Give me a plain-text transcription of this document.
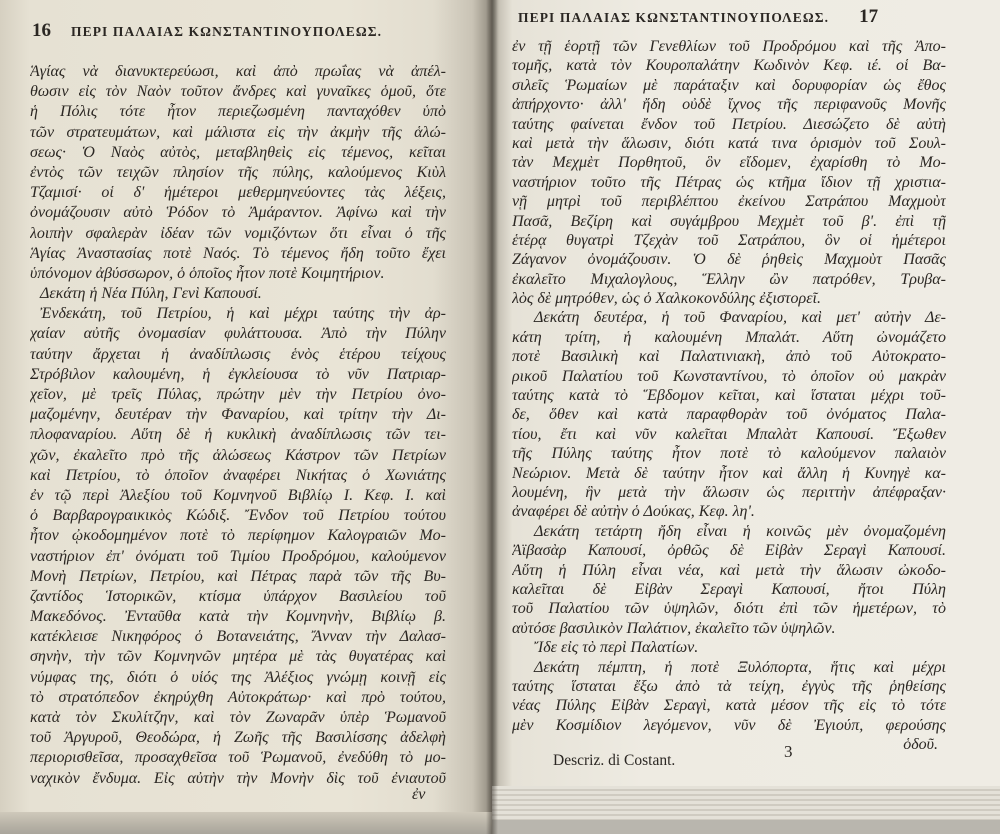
16 ΠΕΡΙ ΠΑΛΑΙΑΣ ΚΩΝΣΤΑΝΤΙΝΟΥΠΟΛΕΩΣ.
Ἁγίας νὰ διανυκτερεύωσι, καὶ ἀπὸ πρωΐας νὰ ἀπέλ-
θωσιν εἰς τὸν Ναὸν τοῦτον ἄνδρες καὶ γυναῖκες ὁμοῦ, ὅτε
ἡ Πόλις τότε ἦτον περιεζωσμένη πανταχόθεν ὑπὸ
τῶν στρατευμάτων, καὶ μάλιστα εἰς τὴν ἀκμὴν τῆς ἁλώ-
σεως· Ὁ Ναὸς αὐτὸς, μεταβληθεὶς εἰς τέμενος, κεῖται
ἐντὸς τῶν τειχῶν πλησίον τῆς πύλης, καλούμενος Κιὺλ
Τζαμισί· οἱ δ' ἡμέτεροι μεθερμηνεύοντες τὰς λέξεις,
ὀνομάζουσιν αὐτὸ Ῥόδον τὸ Ἀμάραντον. Ἀφίνω καὶ τὴν
λοιπὴν σφαλερὰν ἰδέαν τῶν νομιζόντων ὅτι εἶναι ὁ τῆς
Ἁγίας Ἀναστασίας ποτὲ Ναός. Τὸ τέμενος ἤδη τοῦτο ἔχει
ὑπόνομον ἀβύσσωρον, ὁ ὁποῖος ἦτον ποτὲ Κοιμητήριον.
Δεκάτη ἡ Νέα Πύλη, Γενὶ Καπουσί.
Ἐνδεκάτη, τοῦ Πετρίου, ἡ καὶ μέχρι ταύτης τὴν ἀρ-
χαίαν αὐτῆς ὀνομασίαν φυλάττουσα. Ἀπὸ τὴν Πύλην
ταύτην ἄρχεται ἡ ἀναδίπλωσις ἑνὸς ἑτέρου τείχους
Στρόβιλον καλουμένη, ἡ ἐγκλείουσα τὸ νῦν Πατριαρ-
χεῖον, μὲ τρεῖς Πύλας, πρώτην μὲν τὴν Πετρίου ὀνο-
μαζομένην, δευτέραν τὴν Φαναρίου, καὶ τρίτην τὴν Δι-
πλοφαναρίου. Αὕτη δὲ ἡ κυκλικὴ ἀναδίπλωσις τῶν τει-
χῶν, ἐκαλεῖτο πρὸ τῆς ἁλώσεως Κάστρον τῶν Πετρίων
καὶ Πετρίου, τὸ ὁποῖον ἀναφέρει Νικήτας ὁ Χωνιάτης
ἐν τῷ περὶ Ἀλεξίου τοῦ Κομνηνοῦ Βιβλίῳ Ι. Κεφ. Ι. καὶ
ὁ Βαρβαρογραικικὸς Κώδιξ. Ἔνδον τοῦ Πετρίου τούτου
ἦτον ᾠκοδομημένον ποτὲ τὸ περίφημον Καλογραιῶν Μο-
ναστήριον ἐπ' ὀνόματι τοῦ Τιμίου Προδρόμου, καλούμενον
Μονὴ Πετρίων, Πετρίου, καὶ Πέτρας παρὰ τῶν τῆς Βυ-
ζαντίδος Ἱστορικῶν, κτίσμα ὑπάρχον Βασιλείου τοῦ
Μακεδόνος. Ἐνταῦθα κατὰ τὴν Κομνηνὴν, Βιβλίῳ β.
κατέκλεισε Νικηφόρος ὁ Βοτανειάτης, Ἄνναν τὴν Δαλασ-
σηνὴν, τὴν τῶν Κομνηνῶν μητέρα μὲ τὰς θυγατέρας καὶ
νύμφας της, διότι ὁ υἱός της Ἀλέξιος γνώμῃ κοινῇ εἰς
τὸ στρατόπεδον ἐκηρύχθη Αὐτοκράτωρ· καὶ πρὸ τούτου,
κατὰ τὸν Σκυλίτζην, καὶ τὸν Ζωναρᾶν ὑπὲρ Ῥωμανοῦ
τοῦ Ἀργυροῦ, Θεοδώρα, ἡ Ζωῆς τῆς Βασιλίσσης ἀδελφὴ
περιορισθεῖσα, προσαχθεῖσα τοῦ Ῥωμανοῦ, ἐνεδύθη τὸ μο-
ναχικὸν ἔνδυμα. Εἰς αὐτὴν τὴν Μονὴν δὶς τοῦ ἐνιαυτοῦ
ἐν
ΠΕΡΙ ΠΑΛΑΙΑΣ ΚΩΝΣΤΑΝΤΙΝΟΥΠΟΛΕΩΣ. 17
ἐν τῇ ἑορτῇ τῶν Γενεθλίων τοῦ Προδρόμου καὶ τῆς Ἀπο-
τομῆς, κατὰ τὸν Κουροπαλάτην Κωδινὸν Κεφ. ιέ. οἱ Βα-
σιλεῖς Ῥωμαίων μὲ παράταξιν καὶ δορυφορίαν ὡς ἔθος
ἀπήρχοντο· ἀλλ' ἤδη οὐδὲ ἴχνος τῆς περιφανοῦς Μονῆς
ταύτης φαίνεται ἔνδον τοῦ Πετρίου. Διεσώζετο δὲ αὐτὴ
καὶ μετὰ τὴν ἅλωσιν, διότι κατά τινα ὁρισμὸν τοῦ Σουλ-
τὰν Μεχμὲτ Πορθητοῦ, ὃν εἴδομεν, ἐχαρίσθη τὸ Μο-
ναστήριον τοῦτο τῆς Πέτρας ὡς κτῆμα ἴδιον τῇ χριστια-
νῇ μητρὶ τοῦ περιβλέπτου ἐκείνου Σατράπου Μαχμοὺτ
Πασᾶ, Βεζίρη καὶ συγάμβρου Μεχμὲτ τοῦ β'. ἐπὶ τῇ
ἑτέρᾳ θυγατρὶ Τζεχὰν τοῦ Σατράπου, ὃν οἱ ἡμέτεροι
Ζάγανον ὀνομάζουσιν. Ὁ δὲ ῥηθεὶς Μαχμοὺτ Πασᾶς
ἐκαλεῖτο Μιχαλογλους, Ἕλλην ὢν πατρόθεν, Τρυβα-
λὸς δὲ μητρόθεν, ὡς ὁ Χαλκοκονδύλης ἐξιστορεῖ.
Δεκάτη δευτέρα, ἡ τοῦ Φαναρίου, καὶ μετ' αὐτὴν Δε-
κάτη τρίτη, ἡ καλουμένη Μπαλάτ. Αὕτη ὠνομάζετο
ποτὲ Βασιλικὴ καὶ Παλατινιακὴ, ἀπὸ τοῦ Αὐτοκρατο-
ρικοῦ Παλατίου τοῦ Κωνσταντίνου, τὸ ὁποῖον οὐ μακρὰν
ταύτης κατὰ τὸ Ἕβδομον κεῖται, καὶ ἵσταται μέχρι τοῦ-
δε, ὅθεν καὶ κατὰ παραφθορὰν τοῦ ὀνόματος Παλα-
τίου, ἔτι καὶ νῦν καλεῖται Μπαλὰτ Καπουσί. Ἔξωθεν
τῆς Πύλης ταύτης ἦτον ποτὲ τὸ καλούμενον παλαιὸν
Νεώριον. Μετὰ δὲ ταύτην ἦτον καὶ ἄλλη ἡ Κυνηγὲ κα-
λουμένη, ἣν μετὰ τὴν ἅλωσιν ὡς περιττὴν ἀπέφραξαν·
ἀναφέρει δὲ αὐτὴν ὁ Δούκας, Κεφ. λη'.
Δεκάτη τετάρτη ἤδη εἶναι ἡ κοινῶς μὲν ὀνομαζομένη
Ἀϊβασὰρ Καπουσί, ὀρθῶς δὲ Εἰβὰν Σεραγὶ Καπουσί.
Αὕτη ἡ Πύλη εἶναι νέα, καὶ μετὰ τὴν ἅλωσιν ὠκοδο-
καλεῖται δὲ Εἰβὰν Σεραγὶ Καπουσί, ἤτοι Πύλη
τοῦ Παλατίου τῶν ὑψηλῶν, διότι ἐπὶ τῶν ἡμετέρων, τὸ
αὐτόσε βασιλικὸν Παλάτιον, ἐκαλεῖτο τῶν ὑψηλῶν.
Ἴδε εἰς τὸ περὶ Παλατίων.
Δεκάτη πέμπτη, ἡ ποτὲ Ξυλόπορτα, ἥτις καὶ μέχρι
ταύτης ἵσταται ἔξω ἀπὸ τὰ τείχη, ἐγγὺς τῆς ῥηθείσης
νέας Πύλης Εἰβὰν Σεραγὶ, κατὰ μέσον τῆς εἰς τὸ τότε
μὲν Κοσμίδιον λεγόμενον, νῦν δὲ Ἐγιούπ, φερούσης
ὁδοῦ.
Descriz. di Costant.	3
